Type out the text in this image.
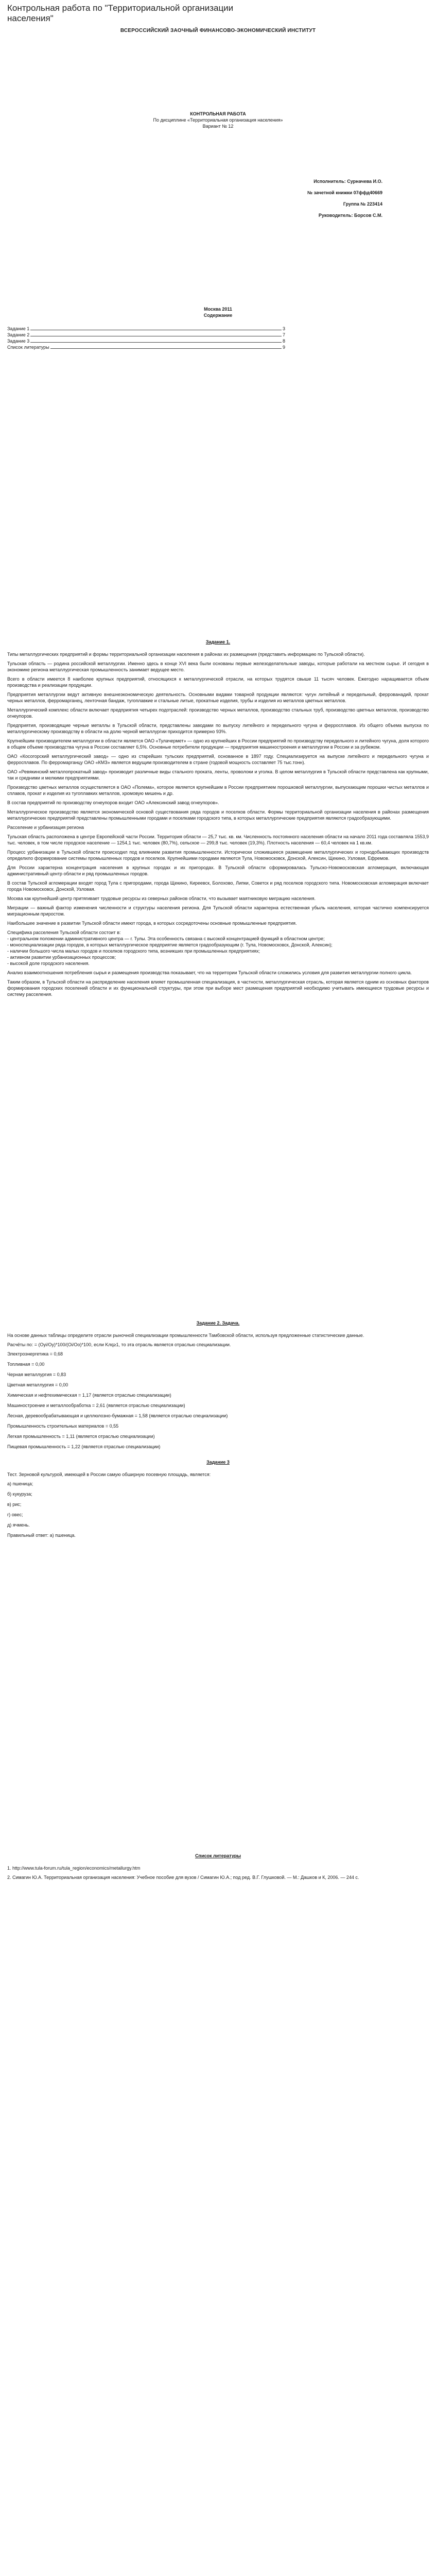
Контрольная работа по "Территориальной организации
населения"
ВСЕРОССИЙСКИЙ ЗАОЧНЫЙ ФИНАНСОВО-ЭКОНОМИЧЕСКИЙ ИНСТИТУТ
КОНТРОЛЬНАЯ РАБОТА
По дисциплине «Территориальная организация населения»
Вариант № 12
Исполнитель: Сурначева И.О.
№ зачетной книжки 07ффд40669
Группа № 223414
Руководитель: Борсов С.М.
Москва 2011
Содержание
Задание 1	3
Задание 2	7
Задание 3	8
Список литературы	9
Задание 1.

Типы металлургических предприятий и формы территориальной организации населения в районах их размещения (представить информацию по Тульской области).

Тульская область — родина российской металлургии. Именно здесь в конце XVI века были основаны первые железоделательные заводы, которые работали на местном сырье. И сегодня в экономике региона металлургическая промышленность занимает ведущее место.

Всего в области имеется 8 наиболее крупных предприятий, относящихся к металлургической отрасли, на которых трудятся свыше 11 тысяч человек. Ежегодно наращивается объем производства и реализации продукции.

Предприятия металлургии ведут активную внешнеэкономическую деятельность. Основными видами товарной продукции являются: чугун литейный и передельный, феррованадий, прокат черных металлов, ферромарганец, ленточная бандаж, тугоплавкие и стальные литые, прокатные изделия, трубы и изделия из металлов цветных металлов.

Металлургический комплекс области включает предприятия четырех подотраслей: производство черных металлов, производство стальных труб, производство цветных металлов, производство огнеупоров.

Предприятия, производящие черные металлы в Тульской области, представлены заводами по выпуску литейного и передельного чугуна и ферросплавов. Из общего объема выпуска по металлургическому производству в области на долю черной металлургии приходится примерно 93%.

Крупнейшим производителем металлургии в области является ОАО «Тулачермет» — одно из крупнейших в России предприятий по производству передельного и литейного чугуна, доля которого в общем объеме производства чугуна в России составляет 6,5%. Основные потребители продукции — предприятия машиностроения и металлургии в России и за рубежом.

ОАО «Косогорский металлургический завод» — одно из старейших тульских предприятий, основанное в 1897 году. Специализируется на выпуске литейного и передельного чугуна и ферросплавов. По ферромарганцу ОАО «КМЗ» является ведущим производителем в стране (годовой мощность составляет 75 тыс.тонн).

ОАО «Ревякинский металлопрокатный завод» производит различные виды стального проката, ленты, проволоки и уголка. В целом металлургия в Тульской области представлена как крупными, так и средними и мелкими предприятиями.

Производство цветных металлов осуществляется в ОАО «Полема», которое является крупнейшим в России предприятием порошковой металлургии, выпускающим порошки чистых металлов и сплавов, прокат и изделия из тугоплавких металлов, хромовую мишень и др.

В состав предприятий по производству огнеупоров входит ОАО «Алексинский завод огнеупоров».

Металлургическое производство является экономической основой существования ряда городов и поселков области. Формы территориальной организации населения в районах размещения металлургических предприятий представлены промышленными городами и поселками городского типа, в которых металлургические предприятия являются градообразующими.

Расселение и урбанизация региона

Тульская область расположена в центре Европейской части России. Территория области — 25,7 тыс. кв. км. Численность постоянного населения области на начало 2011 года составляла 1553,9 тыс. человек, в том числе городское население — 1254,1 тыс. человек (80,7%), сельское — 299,8 тыс. человек (19,3%). Плотность населения — 60,4 человек на 1 кв.км.

Процесс урбанизации в Тульской области происходил под влиянием развития промышленности. Исторически сложившееся размещение металлургических и горнодобывающих производств определило формирование системы промышленных городов и поселков. Крупнейшими городами являются Тула, Новомосковск, Донской, Алексин, Щекино, Узловая, Ефремов.

Для России характерна концентрация населения в крупных городах и их пригородах. В Тульской области сформировалась Тульско-Новомосковская агломерация, включающая административный центр области и ряд промышленных городов.

В состав Тульской агломерации входят город Тула с пригородами, города Щекино, Киреевск, Болохово, Липки, Советск и ряд поселков городского типа. Новомосковская агломерация включает города Новомосковск, Донской, Узловая.

Москва как крупнейший центр притягивает трудовые ресурсы из северных районов области, что вызывает маятниковую миграцию населения.

Миграции — важный фактор изменения численности и структуры населения региона. Для Тульской области характерна естественная убыль населения, которая частично компенсируется миграционным приростом.

Наибольшее значение в развитии Тульской области имеют города, в которых сосредоточены основные промышленные предприятия.

Специфика расселения Тульской области состоит в:

- центральном положении административного центра — г. Тулы. Эта особенность связана с высокой концентрацией функций в областном центре;
- моноспециализации ряда городов, в которых металлургическое предприятие является градообразующим (г. Тула, Новомосковск, Донской, Алексин);
- наличии большого числа малых городов и поселков городского типа, возникших при промышленных предприятиях;
- активном развитии урбанизационных процессов;
- высокой доле городского населения.

Анализ взаимоотношения потребления сырья и размещения производства показывает, что на территории Тульской области сложились условия для развития металлургии полного цикла.

Таким образом, в Тульской области на распределение населения влияет промышленная специализация, в частности, металлургическая отрасль, которая является одним из основных факторов формирования городских поселений области и их функциональной структуры, при этом при выборе мест размещения предприятий необходимо учитывать имеющиеся трудовые ресурсы и систему расселения.

Задание 2. Задача.

На основе данных таблицы определите отрасли рыночной специализации промышленности Тамбовской области, используя предложенные статистические данные.

Расчёты по: = (Оyi/Оy)*100/(Оi/Оо)*100, если Kлq≥1, то эта отрасль является отраслью специализации.

Электроэнергетика = 0,68
Топливная = 0,00
Черная металлургия = 0,83
Цветная металлургия = 0,00
Химическая и нефтехимическая = 1,17 (является отраслью специализации)
Машиностроение и металлообработка = 2,61 (является отраслью специализации)
Лесная, деревообрабатывающая и целлюлозно-бумажная = 1,58 (является отраслью специализации)
Промышленность строительных материалов = 0,55
Легкая промышленность = 1,11 (является отраслью специализации)
Пищевая промышленность = 1,22 (является отраслью специализации)
Задание 3

Тест. Зерновой культурой, имеющей в России самую обширную посевную площадь, является:

а) пшеница;
б) кукуруза;
в) рис;
г) овес;
д) ячмень.
Правильный ответ: а) пшеница.
Список литературы

1. http://www.tula-forum.ru/tula_region/economics/metallurgy.htm

2. Симагин Ю.А. Территориальная организация населения: Учебное пособие для вузов / Симагин Ю.А.; под ред. В.Г. Глушковой. — М.: Дашков и К, 2006. — 244 с.
